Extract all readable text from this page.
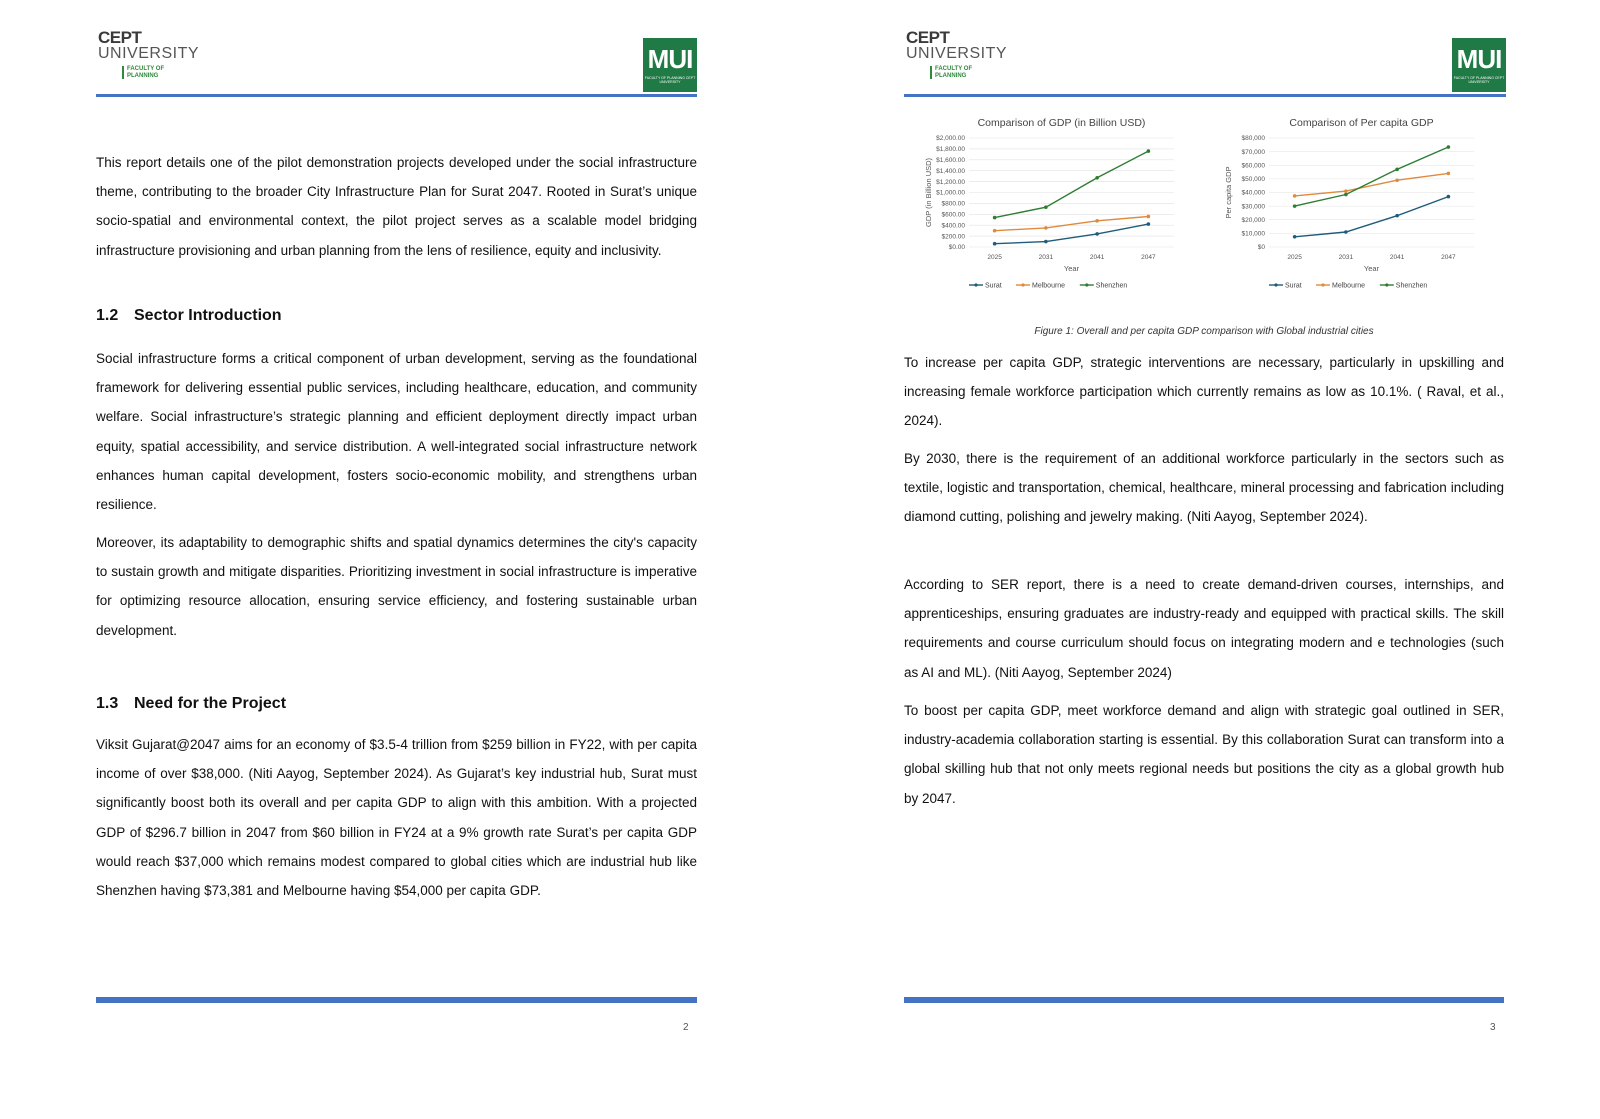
CEPT
UNIVERSITY
FACULTY OF PLANNING
MUI
FACULTY OF PLANNING CEPT UNIVERSITY

This report details one of the pilot demonstration projects developed under the social infrastructure theme, contributing to the broader City Infrastructure Plan for Surat 2047. Rooted in Surat’s unique socio-spatial and environmental context, the pilot project serves as a scalable model bridging infrastructure provisioning and urban planning from the lens of resilience, equity and inclusivity.

1.2 Sector Introduction

Social infrastructure forms a critical component of urban development, serving as the foundational framework for delivering essential public services, including healthcare, education, and community welfare. Social infrastructure’s strategic planning and efficient deployment directly impact urban equity, spatial accessibility, and service distribution. A well-integrated social infrastructure network enhances human capital development, fosters socio-economic mobility, and strengthens urban resilience.

Moreover, its adaptability to demographic shifts and spatial dynamics determines the city's capacity to sustain growth and mitigate disparities. Prioritizing investment in social infrastructure is imperative for optimizing resource allocation, ensuring service efficiency, and fostering sustainable urban development.

1.3 Need for the Project

Viksit Gujarat@2047 aims for an economy of $3.5-4 trillion from $259 billion in FY22, with per capita income of over $38,000. (Niti Aayog, September 2024). As Gujarat’s key industrial hub, Surat must significantly boost both its overall and per capita GDP to align with this ambition. With a projected GDP of $296.7 billion in 2047 from $60 billion in FY24 at a 9% growth rate Surat’s per capita GDP would reach $37,000 which remains modest compared to global cities which are industrial hub like Shenzhen having $73,381 and Melbourne having $54,000 per capita GDP.

2
CEPT
UNIVERSITY
FACULTY OF PLANNING
MUI
FACULTY OF PLANNING CEPT UNIVERSITY
Comparison of GDP (in Billion USD)
$0.00
$200.00
$400.00
$600.00
$800.00
$1,000.00
$1,200.00
$1,400.00
$1,600.00
$1,800.00
$2,000.00
2025	2031	2041	2047
Year
GDP (in Billion USD)
Surat	Melbourne	Shenzhen
Comparison of Per capita GDP
$0
$10,000
$20,000
$30,000
$40,000
$50,000
$60,000
$70,000
$80,000
2025	2031	2041	2047
Year
Per capita GDP
Surat	Melbourne	Shenzhen
Figure 1: Overall and per capita GDP comparison with Global industrial cities

To increase per capita GDP, strategic interventions are necessary, particularly in upskilling and increasing female workforce participation which currently remains as low as 10.1%. ( Raval, et al., 2024).

By 2030, there is the requirement of an additional workforce particularly in the sectors such as textile, logistic and transportation, chemical, healthcare, mineral processing and fabrication including diamond cutting, polishing and jewelry making. (Niti Aayog, September 2024).

According to SER report, there is a need to create demand-driven courses, internships, and apprenticeships, ensuring graduates are industry-ready and equipped with practical skills. The skill requirements and course curriculum should focus on integrating modern and e technologies (such as AI and ML). (Niti Aayog, September 2024)

To boost per capita GDP, meet workforce demand and align with strategic goal outlined in SER, industry-academia collaboration starting is essential. By this collaboration Surat can transform into a global skilling hub that not only meets regional needs but positions the city as a global growth hub by 2047.

3
